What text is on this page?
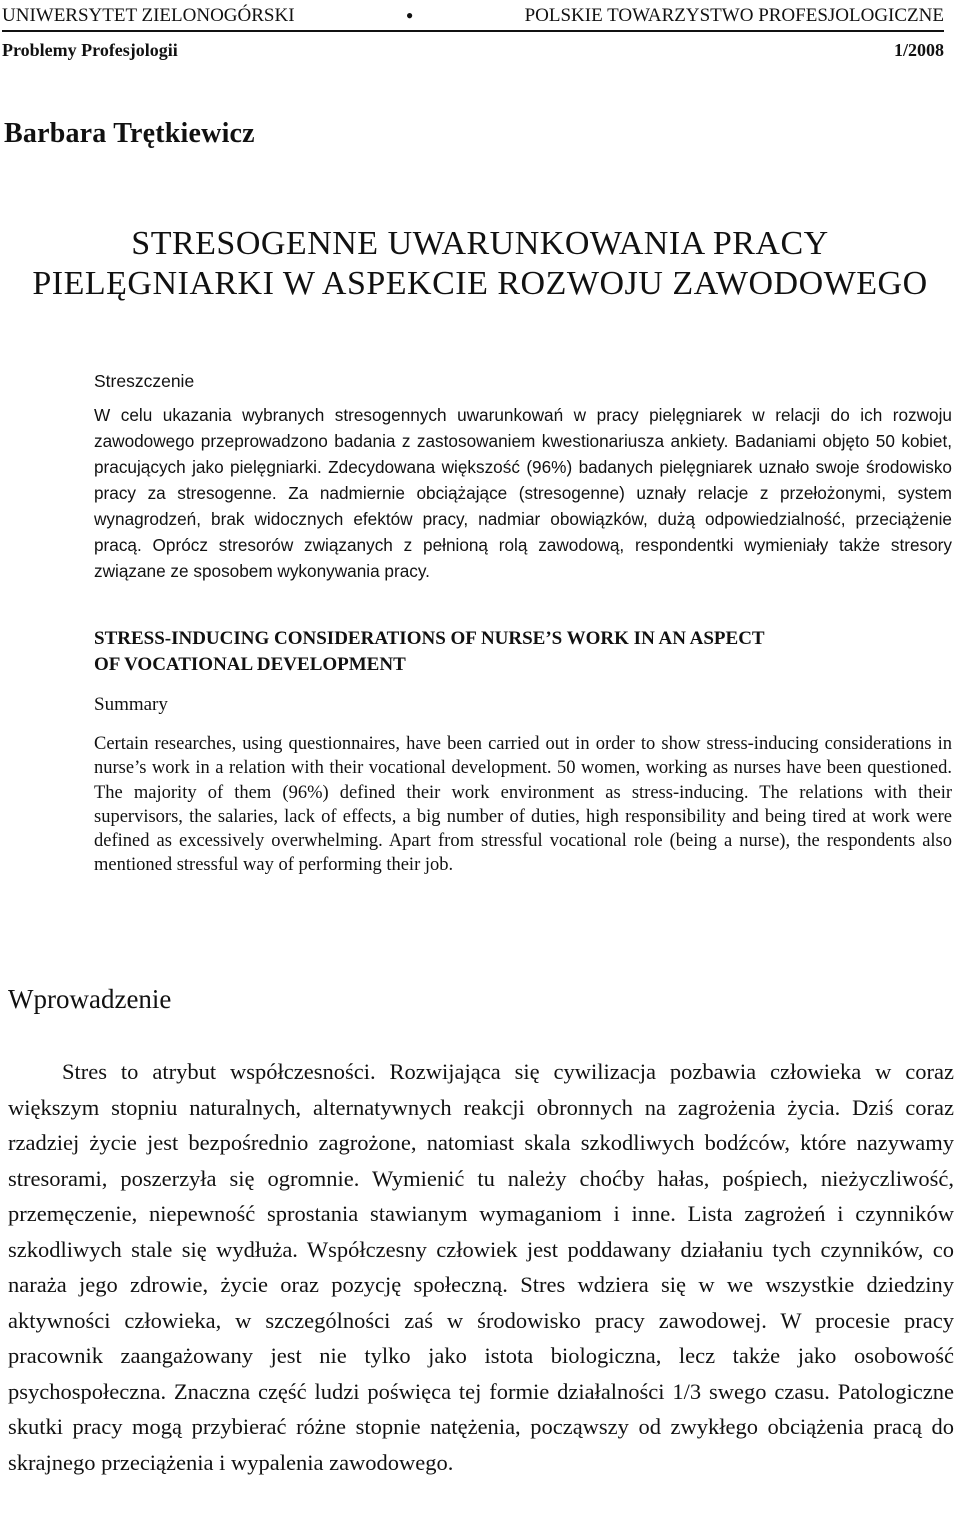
UNIWERSYTET ZIELONOGÓRSKI	•	POLSKIE TOWARZYSTWO PROFESJOLOGICZNE
Problemy Profesjologii	1/2008
Barbara Trętkiewicz
STRESOGENNE UWARUNKOWANIA PRACY
PIELĘGNIARKI W ASPEKCIE ROZWOJU ZAWODOWEGO
Streszczenie

W celu ukazania wybranych stresogennych uwarunkowań w pracy pielęgniarek w relacji do ich rozwoju zawodowego przeprowadzono badania z zastosowaniem kwestionariusza ankiety. Badaniami objęto 50 kobiet, pracujących jako pielęgniarki. Zdecydowana większość (96%) badanych pielęgniarek uznało swoje środowisko pracy za stresogenne. Za nadmiernie obciążające (stresogenne) uznały relacje z przełożonymi, system wynagrodzeń, brak widocznych efektów pracy, nadmiar obowiązków, dużą odpowiedzialność, przeciążenie pracą. Oprócz stresorów związanych z pełnioną rolą zawodową, respondentki wymieniały także stresory związane ze sposobem wykonywania pracy.

STRESS-INDUCING CONSIDERATIONS OF NURSE’S WORK IN AN ASPECT
OF VOCATIONAL DEVELOPMENT
Summary

Certain researches, using questionnaires, have been carried out in order to show stress-inducing considerations in nurse’s work in a relation with their vocational development. 50 women, working as nurses have been questioned. The majority of them (96%) defined their work environment as stress-inducing. The relations with their supervisors, the salaries, lack of effects, a big number of duties, high responsibility and being tired at work were defined as excessively overwhelming. Apart from stressful vocational role (being a nurse), the respondents also mentioned stressful way of performing their job.

Wprowadzenie

Stres to atrybut współczesności. Rozwijająca się cywilizacja pozbawia człowieka w coraz większym stopniu naturalnych, alternatywnych reakcji obronnych na zagrożenia życia. Dziś coraz rzadziej życie jest bezpośrednio zagrożone, natomiast skala szkodliwych bodźców, które nazywamy stresorami, poszerzyła się ogromnie. Wymienić tu należy choćby hałas, pośpiech, nieżyczliwość, przemęczenie, niepewność sprostania stawianym wymaganiom i inne. Lista zagrożeń i czynników szkodliwych stale się wydłuża. Współczesny człowiek jest poddawany działaniu tych czynników, co naraża jego zdrowie, życie oraz pozycję społeczną. Stres wdziera się w we wszystkie dziedziny aktywności człowieka, w szczególności zaś w środowisko pracy zawodowej. W procesie pracy pracownik zaangażowany jest nie tylko jako istota biologiczna, lecz także jako osobowość psychospołeczna. Znaczna część ludzi poświęca tej formie działalności 1/3 swego czasu. Patologiczne skutki pracy mogą przybierać różne stopnie natężenia, począwszy od zwykłego obciążenia pracą do skrajnego przeciążenia i wypalenia zawodowego.
